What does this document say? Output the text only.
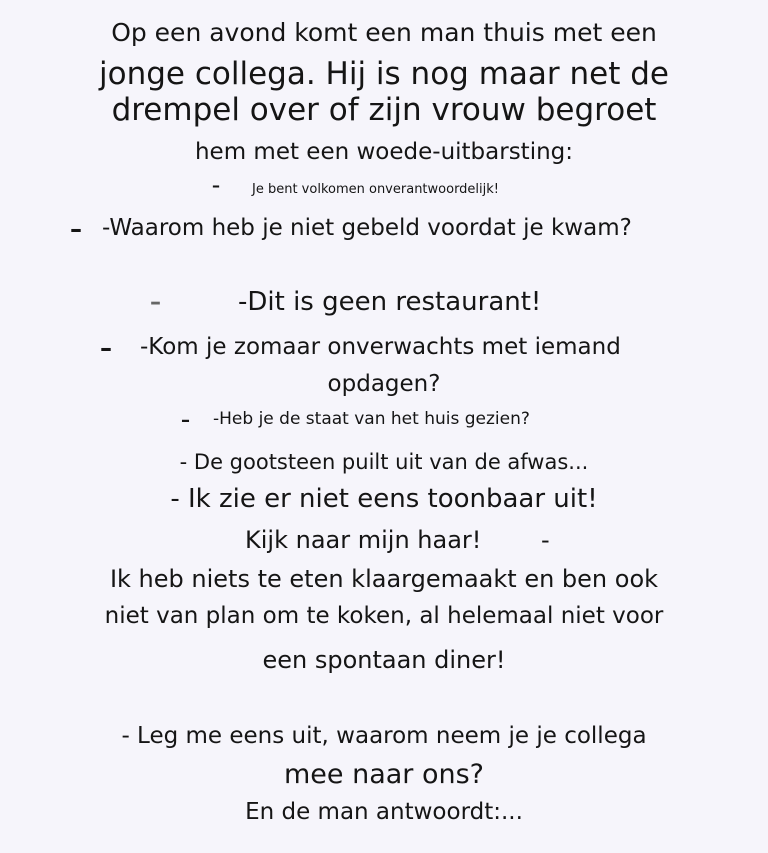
Op een avond komt een man thuis met een
jonge collega. Hij is nog maar net de
drempel over of zijn vrouw begroet
hem met een woede-uitbarsting:
– Je bent volkomen onverantwoordelijk!
– -Waarom heb je niet gebeld voordat je kwam?
–	-Dit is geen restaurant!
– -Kom je zomaar onverwachts met iemand
opdagen?
– -Heb je de staat van het huis gezien?
- De gootsteen puilt uit van de afwas...
- Ik zie er niet eens toonbaar uit!
Kijk naar mijn haar! -
Ik heb niets te eten klaargemaakt en ben ook
niet van plan om te koken, al helemaal niet voor
een spontaan diner!
- Leg me eens uit, waarom neem je je collega
mee naar ons?
En de man antwoordt:...
